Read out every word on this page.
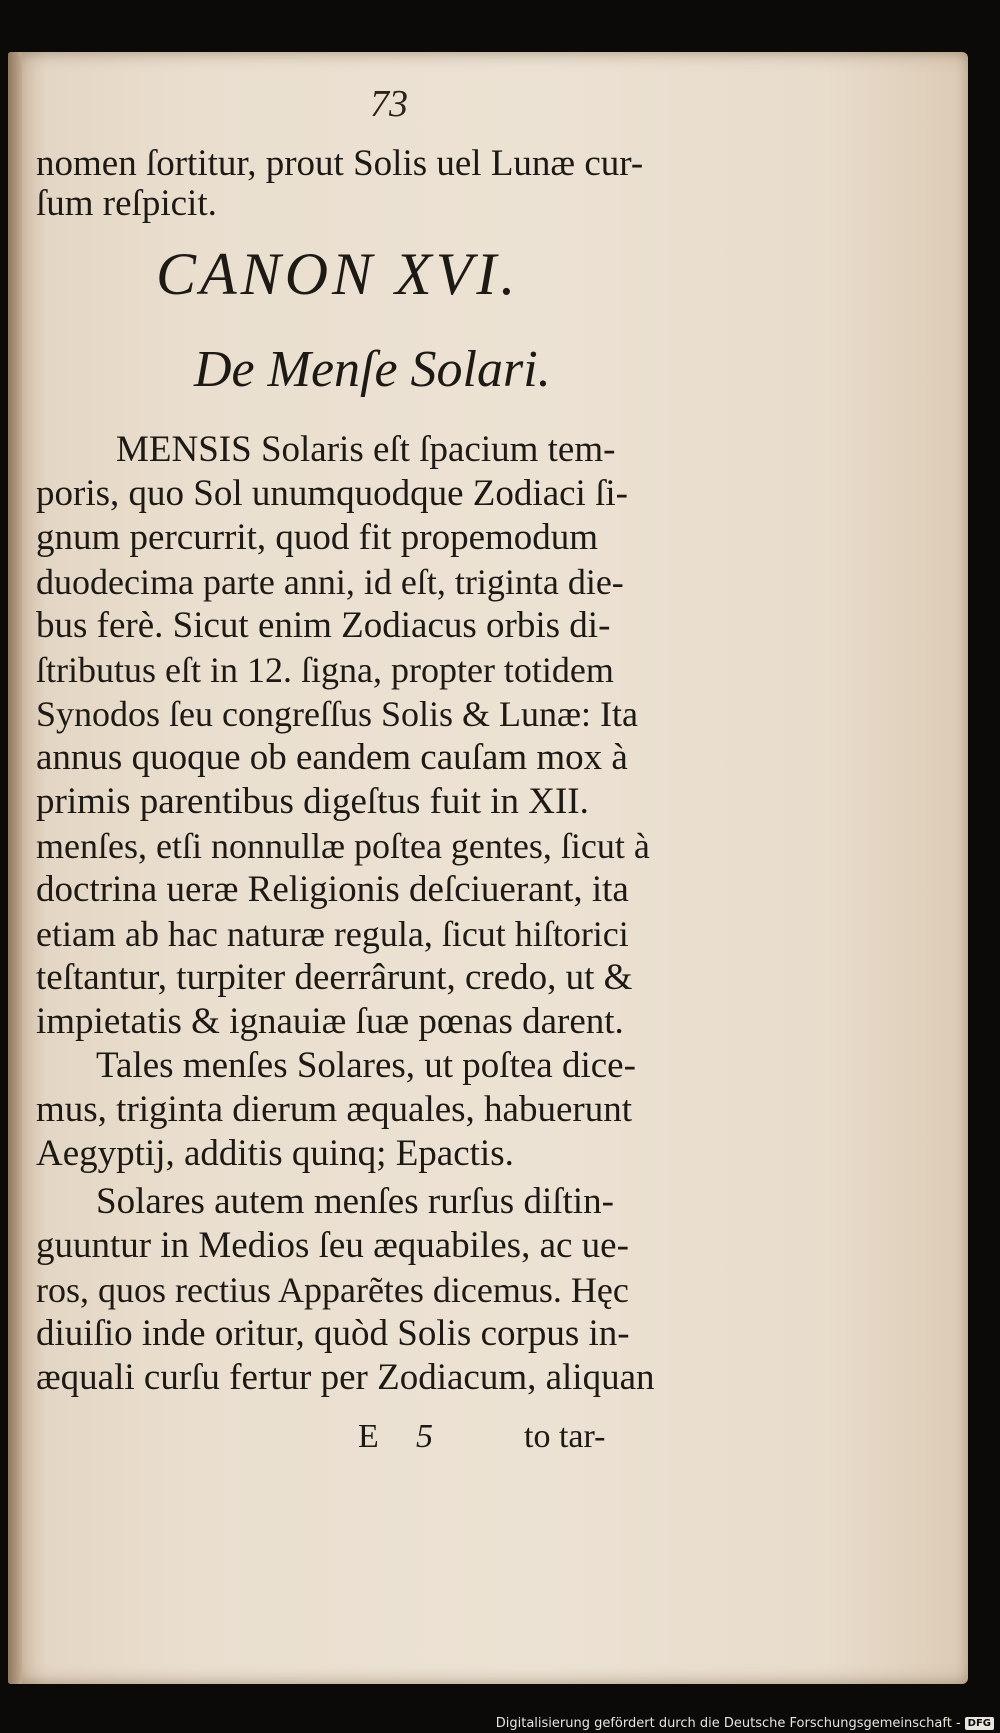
73
nomen ſortitur, prout Solis uel Lunæ cur-
ſum reſpicit.
CANON XVI.
De Menſe Solari.
MENSIS Solaris eſt ſpacium tem-
poris, quo Sol unumquodque Zodiaci ſi-
gnum percurrit, quod fit propemodum
duodecima parte anni, id eſt, triginta die-
bus ferè. Sicut enim Zodiacus orbis di-
ſtributus eſt in 12. ſigna, propter totidem
Synodos ſeu congreſſus Solis & Lunæ: Ita
annus quoque ob eandem cauſam mox à
primis parentibus digeſtus fuit in XII.
menſes, etſi nonnullæ poſtea gentes, ſicut à
doctrina ueræ Religionis deſciuerant, ita
etiam ab hac naturæ regula, ſicut hiſtorici
teſtantur, turpiter deerrârunt, credo, ut &
impietatis & ignauiæ ſuæ pœnas darent.
Tales menſes Solares, ut poſtea dice-
mus, triginta dierum æquales, habuerunt
Aegyptij, additis quinq; Epactis.
Solares autem menſes rurſus diſtin-
guuntur in Medios ſeu æquabiles, ac ue-
ros, quos rectius Apparẽtes dicemus. Hęc
diuiſio inde oritur, quòd Solis corpus in-
æquali curſu fertur per Zodiacum, aliquan
E 5	to tar-
Digitalisierung gefördert durch die Deutsche Forschungsgemeinschaft - DFG
